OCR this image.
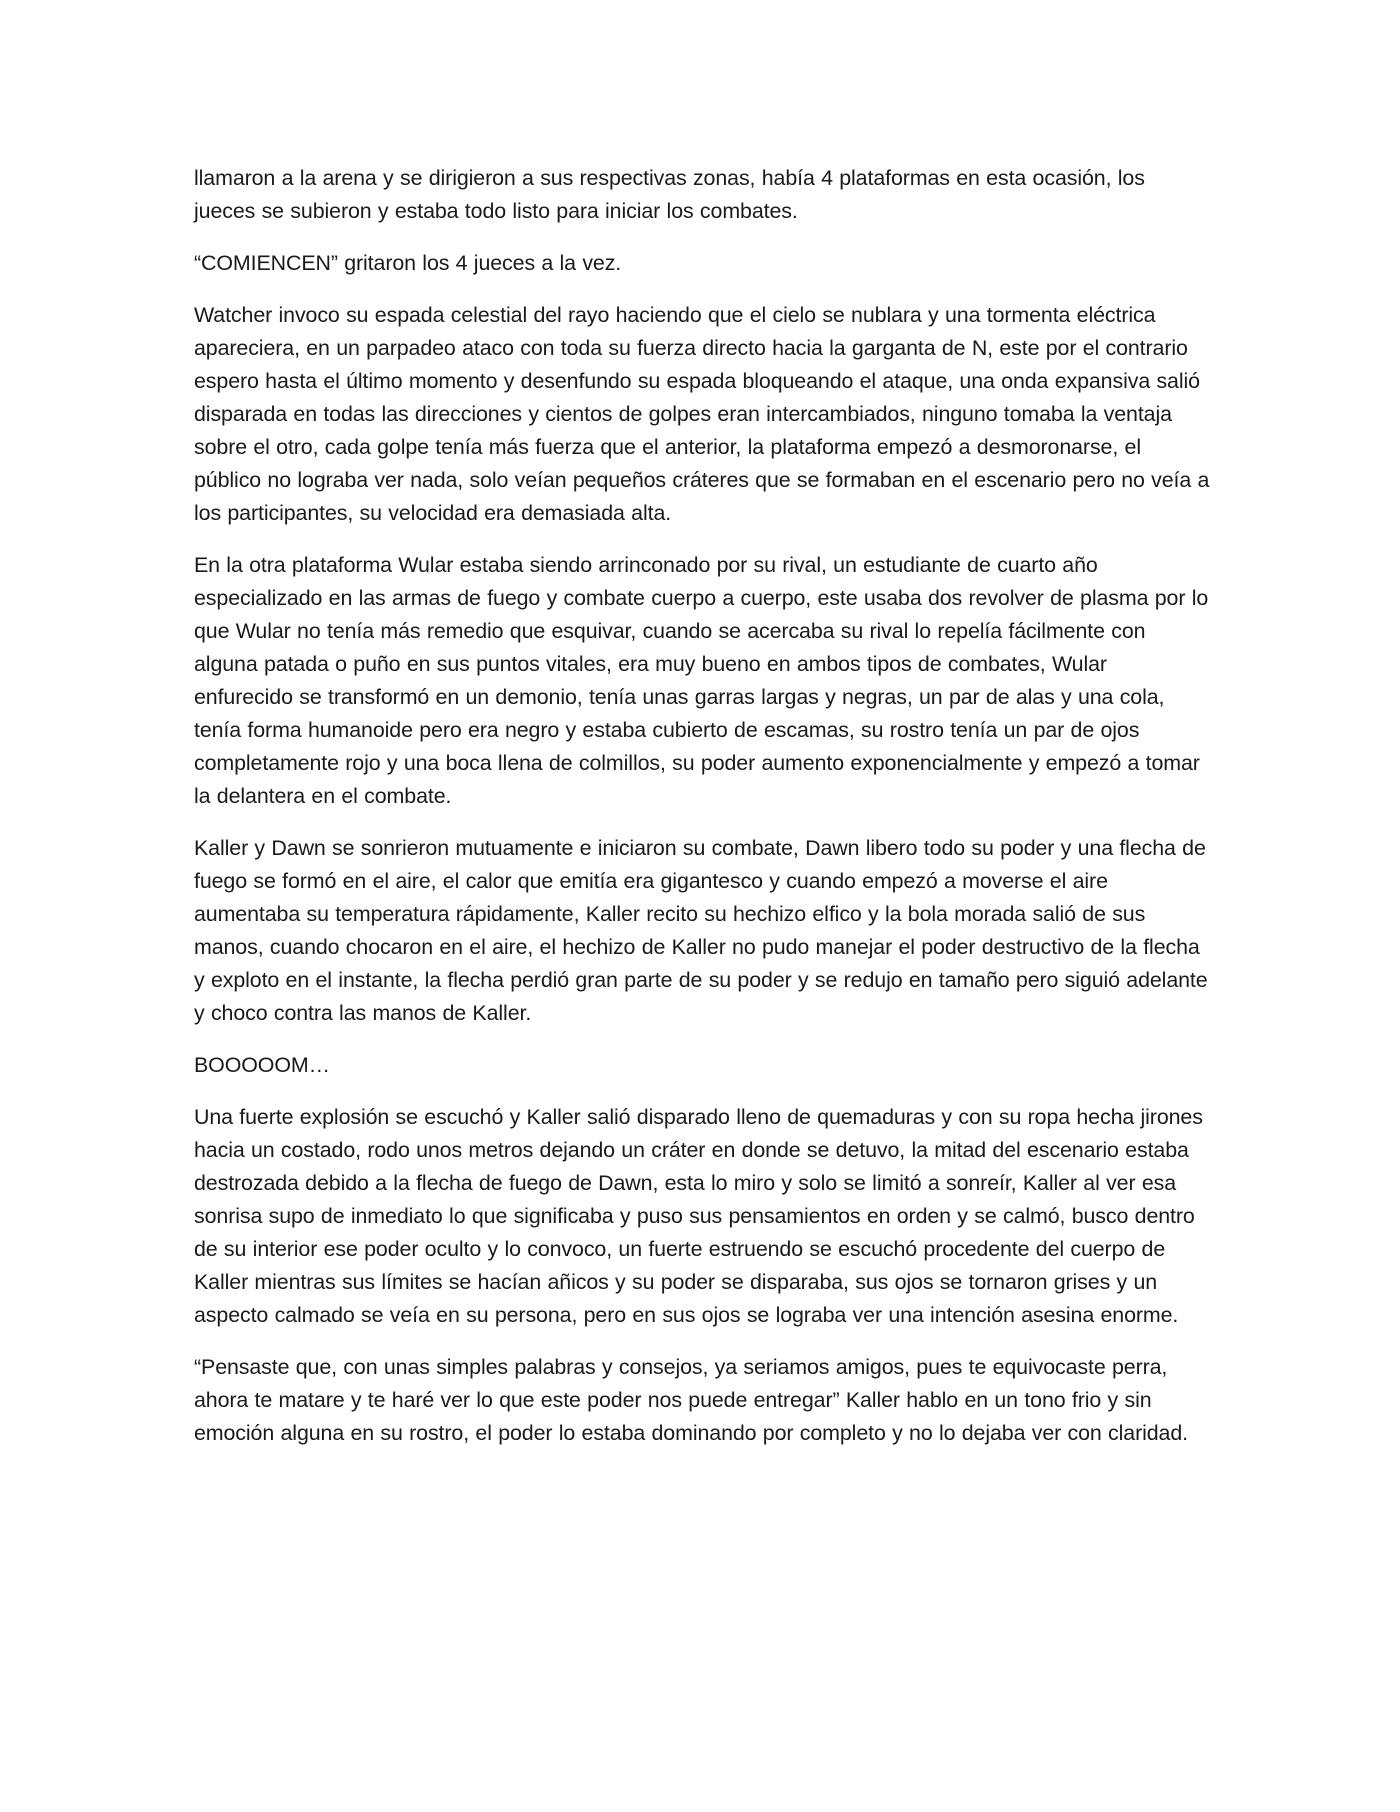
llamaron a la arena y se dirigieron a sus respectivas zonas, había 4 plataformas en esta ocasión, los jueces se subieron y estaba todo listo para iniciar los combates.

“COMIENCEN” gritaron los 4 jueces a la vez.

Watcher invoco su espada celestial del rayo haciendo que el cielo se nublara y una tormenta eléctrica apareciera, en un parpadeo ataco con toda su fuerza directo hacia la garganta de N, este por el contrario espero hasta el último momento y desenfundo su espada bloqueando el ataque, una onda expansiva salió disparada en todas las direcciones y cientos de golpes eran intercambiados, ninguno tomaba la ventaja sobre el otro, cada golpe tenía más fuerza que el anterior, la plataforma empezó a desmoronarse, el público no lograba ver nada, solo veían pequeños cráteres que se formaban en el escenario pero no veía a los participantes, su velocidad era demasiada alta.

En la otra plataforma Wular estaba siendo arrinconado por su rival, un estudiante de cuarto año especializado en las armas de fuego y combate cuerpo a cuerpo, este usaba dos revolver de plasma por lo que Wular no tenía más remedio que esquivar, cuando se acercaba su rival lo repelía fácilmente con alguna patada o puño en sus puntos vitales, era muy bueno en ambos tipos de combates, Wular enfurecido se transformó en un demonio, tenía unas garras largas y negras, un par de alas y una cola, tenía forma humanoide pero era negro y estaba cubierto de escamas, su rostro tenía un par de ojos completamente rojo y una boca llena de colmillos, su poder aumento exponencialmente y empezó a tomar la delantera en el combate.

Kaller y Dawn se sonrieron mutuamente e iniciaron su combate, Dawn libero todo su poder y una flecha de fuego se formó en el aire, el calor que emitía era gigantesco y cuando empezó a moverse el aire aumentaba su temperatura rápidamente, Kaller recito su hechizo elfico y la bola morada salió de sus manos, cuando chocaron en el aire, el hechizo de Kaller no pudo manejar el poder destructivo de la flecha y exploto en el instante, la flecha perdió gran parte de su poder y se redujo en tamaño pero siguió adelante y choco contra las manos de Kaller.

BOOOOOM…

Una fuerte explosión se escuchó y Kaller salió disparado lleno de quemaduras y con su ropa hecha jirones hacia un costado, rodo unos metros dejando un cráter en donde se detuvo, la mitad del escenario estaba destrozada debido a la flecha de fuego de Dawn, esta lo miro y solo se limitó a sonreír, Kaller al ver esa sonrisa supo de inmediato lo que significaba y puso sus pensamientos en orden y se calmó, busco dentro de su interior ese poder oculto y lo convoco, un fuerte estruendo se escuchó procedente del cuerpo de Kaller mientras sus límites se hacían añicos y su poder se disparaba, sus ojos se tornaron grises y un aspecto calmado se veía en su persona, pero en sus ojos se lograba ver una intención asesina enorme.

“Pensaste que, con unas simples palabras y consejos, ya seriamos amigos, pues te equivocaste perra, ahora te matare y te haré ver lo que este poder nos puede entregar” Kaller hablo en un tono frio y sin emoción alguna en su rostro, el poder lo estaba dominando por completo y no lo dejaba ver con claridad.
